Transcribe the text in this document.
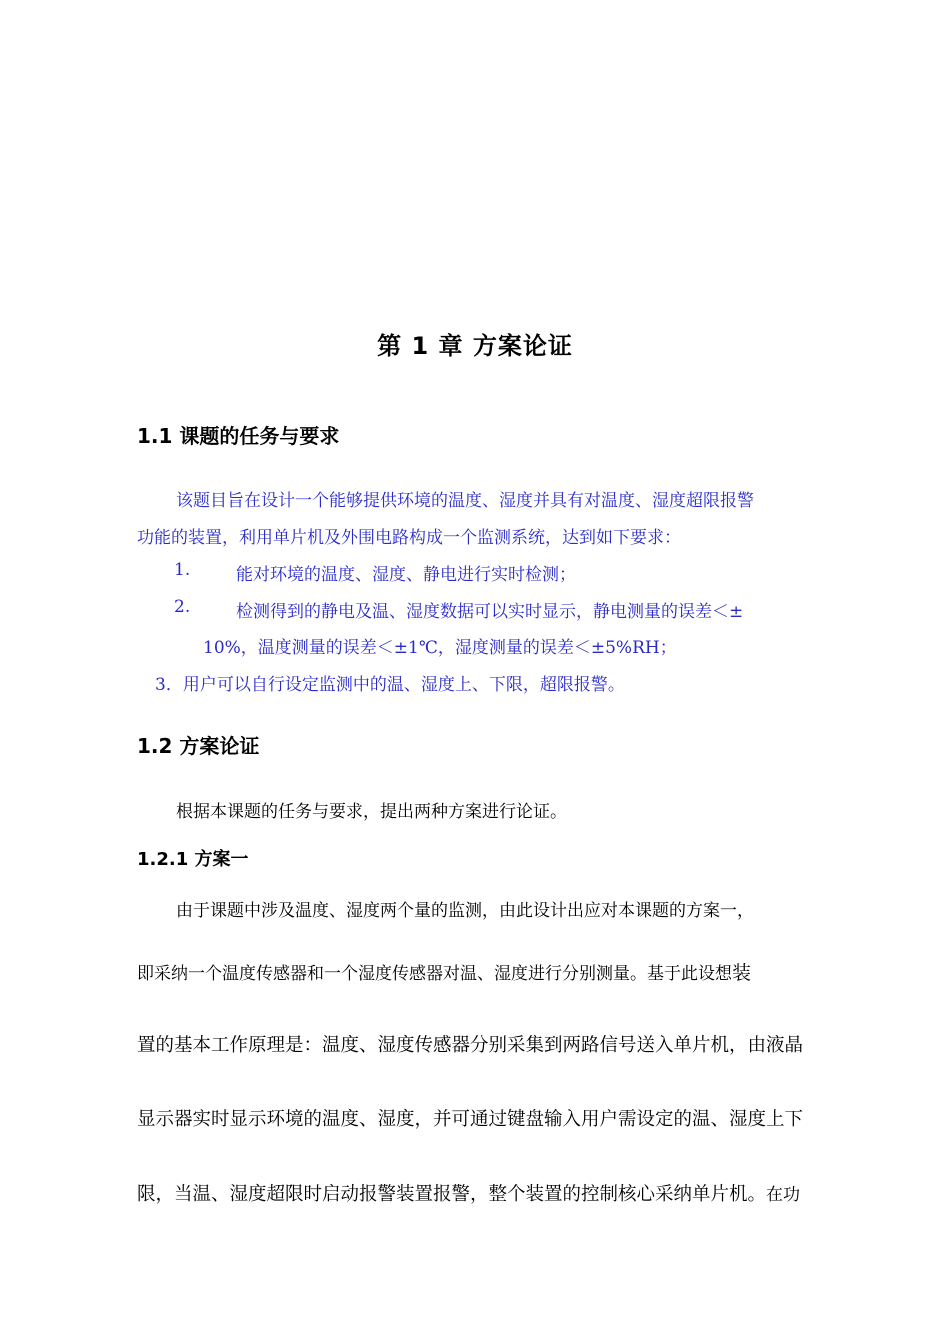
第 1 章 方案论证
1.1 课题的任务与要求
该题目旨在设计一个能够提供环境的温度、湿度并具有对温度、湿度超限报警
功能的装置，利用单片机及外围电路构成一个监测系统，达到如下要求：
1.	能对环境的温度、湿度、静电进行实时检测；
2.	检测得到的静电及温、湿度数据可以实时显示，静电测量的误差＜±
10%，温度测量的误差＜±1℃，湿度测量的误差＜±5%RH；
3．用户可以自行设定监测中的温、湿度上、下限，超限报警。
1.2 方案论证
根据本课题的任务与要求，提出两种方案进行论证。
1.2.1 方案一
由于课题中涉及温度、湿度两个量的监测，由此设计出应对本课题的方案一，
即采纳一个温度传感器和一个湿度传感器对温、湿度进行分别测量。基于此设想装
置的基本工作原理是：温度、湿度传感器分别采集到两路信号送入单片机，由液晶
显示器实时显示环境的温度、湿度，并可通过键盘输入用户需设定的温、湿度上下
限，当温、湿度超限时启动报警装置报警，整个装置的控制核心采纳单片机。在功
